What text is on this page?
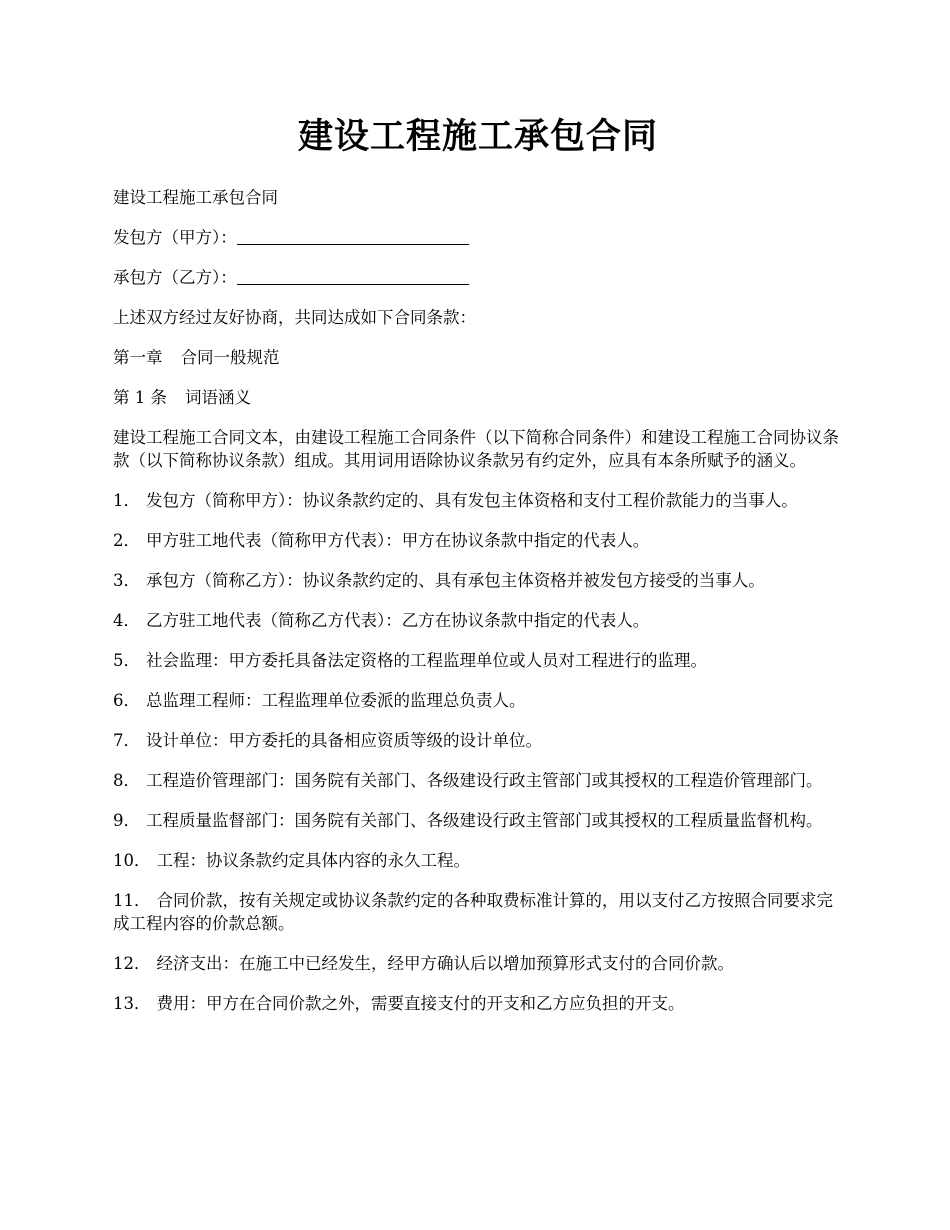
建设工程施工承包合同

建设工程施工承包合同

发包方（甲方）：

承包方（乙方）：

上述双方经过友好协商，共同达成如下合同条款：

第一章 合同一般规范

第 1 条 词语涵义

建设工程施工合同文本，由建设工程施工合同条件（以下简称合同条件）和建设工程施工合同协议条款（以下简称协议条款）组成。其用词用语除协议条款另有约定外，应具有本条所赋予的涵义。

1． 发包方（简称甲方）：协议条款约定的、具有发包主体资格和支付工程价款能力的当事人。

2． 甲方驻工地代表（简称甲方代表）：甲方在协议条款中指定的代表人。

3． 承包方（简称乙方）：协议条款约定的、具有承包主体资格并被发包方接受的当事人。

4． 乙方驻工地代表（简称乙方代表）：乙方在协议条款中指定的代表人。

5． 社会监理：甲方委托具备法定资格的工程监理单位或人员对工程进行的监理。

6． 总监理工程师：工程监理单位委派的监理总负责人。

7． 设计单位：甲方委托的具备相应资质等级的设计单位。

8． 工程造价管理部门：国务院有关部门、各级建设行政主管部门或其授权的工程造价管理部门。

9． 工程质量监督部门：国务院有关部门、各级建设行政主管部门或其授权的工程质量监督机构。

10． 工程：协议条款约定具体内容的永久工程。

11． 合同价款，按有关规定或协议条款约定的各种取费标准计算的，用以支付乙方按照合同要求完成工程内容的价款总额。

12． 经济支出：在施工中已经发生，经甲方确认后以增加预算形式支付的合同价款。

13． 费用：甲方在合同价款之外，需要直接支付的开支和乙方应负担的开支。
